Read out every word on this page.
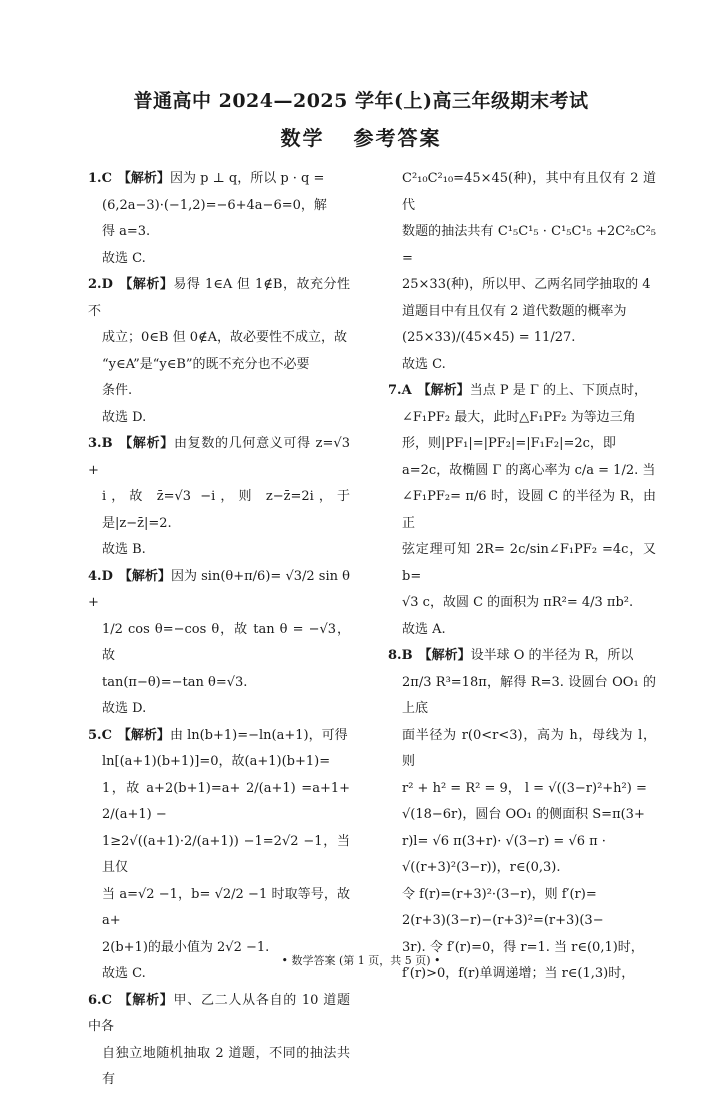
普通高中 2024—2025 学年(上)高三年级期末考试
数学 参考答案
1.C 【解析】因为 p ⊥ q，所以 p · q =
(6,2a−3)·(−1,2)=−6+4a−6=0，解
得 a=3.
故选 C.
2.D 【解析】易得 1∈A 但 1∉B，故充分性不
成立；0∈B 但 0∉A，故必要性不成立，故
“y∈A”是“y∈B”的既不充分也不必要
条件.
故选 D.
3.B 【解析】由复数的几何意义可得 z=√3 +
i，故 z̄=√3 −i，则 z−z̄=2i，于是|z−z̄|=2.
故选 B.
4.D 【解析】因为 sin(θ+π/6)= √3/2 sin θ +
1/2 cos θ=−cos θ，故 tan θ = −√3，故
tan(π−θ)=−tan θ=√3.
故选 D.
5.C 【解析】由 ln(b+1)=−ln(a+1)，可得
ln[(a+1)(b+1)]=0，故(a+1)(b+1)=
1，故 a+2(b+1)=a+ 2/(a+1) =a+1+ 2/(a+1) −
1≥2√((a+1)·2/(a+1)) −1=2√2 −1，当且仅
当 a=√2 −1，b= √2/2 −1 时取等号，故 a+
2(b+1)的最小值为 2√2 −1.
故选 C.
6.C 【解析】甲、乙二人从各自的 10 道题中各
自独立地随机抽取 2 道题，不同的抽法共有
C²₁₀C²₁₀=45×45(种)，其中有且仅有 2 道代
数题的抽法共有 C¹₅C¹₅ · C¹₅C¹₅ +2C²₅C²₅ =
25×33(种)，所以甲、乙两名同学抽取的 4
道题目中有且仅有 2 道代数题的概率为
(25×33)/(45×45) = 11/27.
故选 C.
7.A 【解析】当点 P 是 Γ 的上、下顶点时，
∠F₁PF₂ 最大，此时△F₁PF₂ 为等边三角
形，则|PF₁|=|PF₂|=|F₁F₂|=2c，即
a=2c，故椭圆 Γ 的离心率为 c/a = 1/2. 当
∠F₁PF₂= π/6 时，设圆 C 的半径为 R，由正
弦定理可知 2R= 2c/sin∠F₁PF₂ =4c，又 b=
√3 c，故圆 C 的面积为 πR²= 4/3 πb².
故选 A.
8.B 【解析】设半球 O 的半径为 R，所以
2π/3 R³=18π，解得 R=3. 设圆台 OO₁ 的上底
面半径为 r(0<r<3)，高为 h，母线为 l，则
r² + h² = R² = 9， l = √((3−r)²+h²) =
√(18−6r)，圆台 OO₁ 的侧面积 S=π(3+
r)l= √6 π(3+r)· √(3−r) = √6 π ·
√((r+3)²(3−r))，r∈(0,3).
令 f(r)=(r+3)²·(3−r)，则 f′(r)=
2(r+3)(3−r)−(r+3)²=(r+3)(3−
3r). 令 f′(r)=0，得 r=1. 当 r∈(0,1)时，
f′(r)>0，f(r)单调递增；当 r∈(1,3)时，
• 数学答案 (第 1 页，共 5 页) •
